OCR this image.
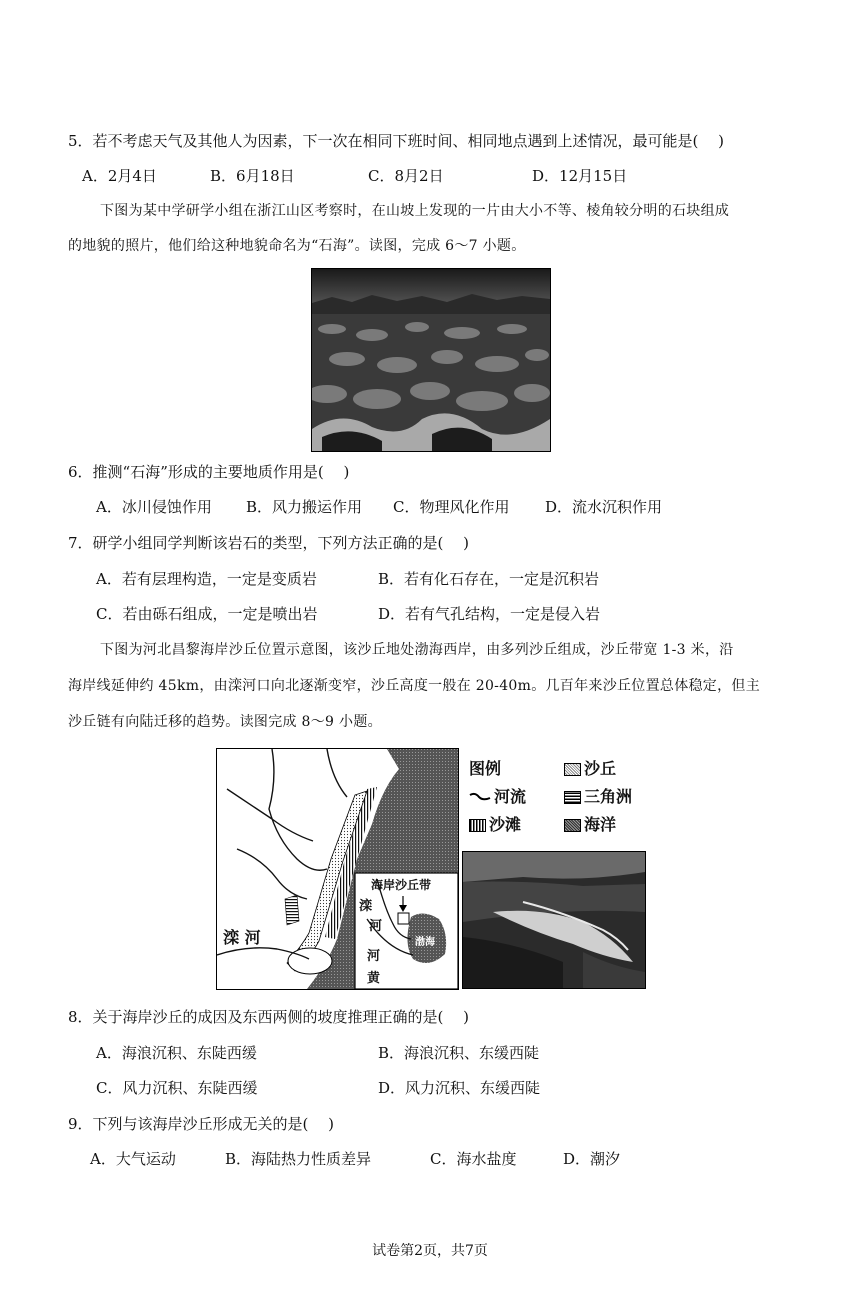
5．若不考虑天气及其他人为因素，下一次在相同下班时间、相同地点遇到上述情况，最可能是(　 )
A．2月4日	B．6月18日	C．8月2日	D．12月15日
下图为某中学研学小组在浙江山区考察时，在山坡上发现的一片由大小不等、棱角较分明的石块组成
的地貌的照片，他们给这种地貌命名为“石海”。读图，完成 6～7 小题。
6．推测“石海”形成的主要地质作用是(　 )
A．冰川侵蚀作用 B．风力搬运作用 C．物理风化作用 D．流水沉积作用
7．研学小组同学判断该岩石的类型，下列方法正确的是(　 )
A．若有层理构造，一定是变质岩	B．若有化石存在，一定是沉积岩
C．若由砾石组成，一定是喷出岩	D．若有气孔结构，一定是侵入岩
下图为河北昌黎海岸沙丘位置示意图，该沙丘地处渤海西岸，由多列沙丘组成，沙丘带宽 1-3 米，沿
海岸线延伸约 45km，由滦河口向北逐渐变窄，沙丘高度一般在 20-40m。几百年来沙丘位置总体稳定，但主
沙丘链有向陆迁移的趋势。读图完成 8～9 小题。
滦 河
海岸沙丘带
滦
河
河
黄
渤海
图例	沙丘
河流	三角洲
沙滩	海洋
8．关于海岸沙丘的成因及东西两侧的坡度推理正确的是(　 )
A．海浪沉积、东陡西缓	B．海浪沉积、东缓西陡
C．风力沉积、东陡西缓	D．风力沉积、东缓西陡
9．下列与该海岸沙丘形成无关的是(　 )
A．大气运动	B．海陆热力性质差异	C．海水盐度	D．潮汐
试卷第2页，共7页
